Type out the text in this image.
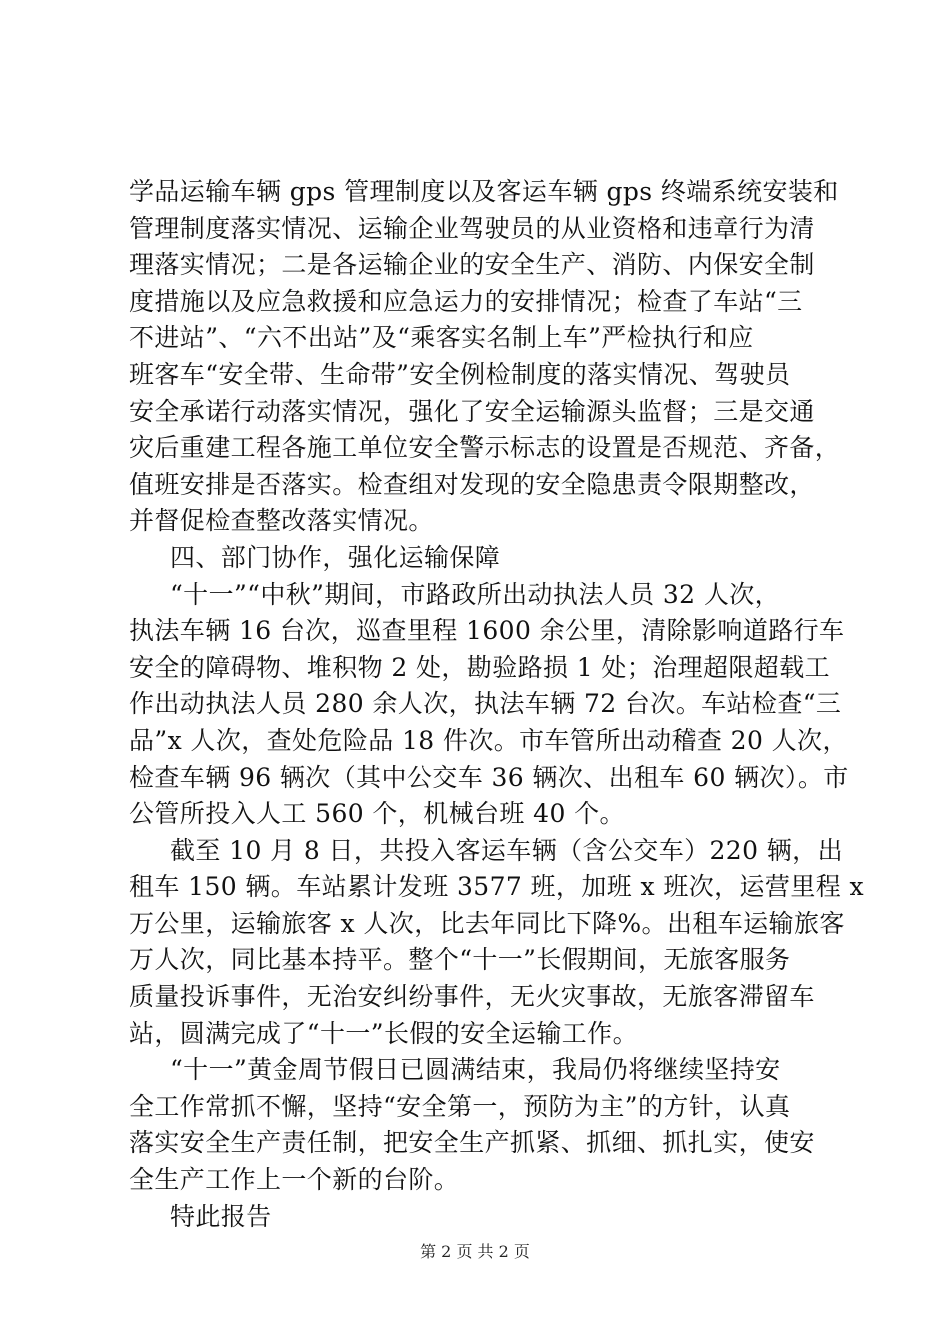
学品运输车辆 gps 管理制度以及客运车辆 gps 终端系统安装和
管理制度落实情况、运输企业驾驶员的从业资格和违章行为清
理落实情况；二是各运输企业的安全生产、消防、内保安全制
度措施以及应急救援和应急运力的安排情况；检查了车站“三
不进站”、“六不出站”及“乘客实名制上车”严检执行和应
班客车“安全带、生命带”安全例检制度的落实情况、驾驶员
安全承诺行动落实情况，强化了安全运输源头监督；三是交通
灾后重建工程各施工单位安全警示标志的设置是否规范、齐备，
值班安排是否落实。检查组对发现的安全隐患责令限期整改，
并督促检查整改落实情况。
四、部门协作，强化运输保障
“十一”“中秋”期间，市路政所出动执法人员 32 人次，
执法车辆 16 台次，巡查里程 1600 余公里，清除影响道路行车
安全的障碍物、堆积物 2 处，勘验路损 1 处；治理超限超载工
作出动执法人员 280 余人次，执法车辆 72 台次。车站检查“三
品”x 人次，查处危险品 18 件次。市车管所出动稽查 20 人次，
检查车辆 96 辆次（其中公交车 36 辆次、出租车 60 辆次）。市
公管所投入人工 560 个，机械台班 40 个。
截至 10 月 8 日，共投入客运车辆（含公交车）220 辆，出
租车 150 辆。车站累计发班 3577 班，加班 x 班次，运营里程 x
万公里，运输旅客 x 人次，比去年同比下降%。出租车运输旅客
万人次，同比基本持平。整个“十一”长假期间，无旅客服务
质量投诉事件，无治安纠纷事件，无火灾事故，无旅客滞留车
站，圆满完成了“十一”长假的安全运输工作。
“十一”黄金周节假日已圆满结束，我局仍将继续坚持安
全工作常抓不懈，坚持“安全第一，预防为主”的方针，认真
落实安全生产责任制，把安全生产抓紧、抓细、抓扎实，使安
全生产工作上一个新的台阶。
特此报告
第 2 页 共 2 页
